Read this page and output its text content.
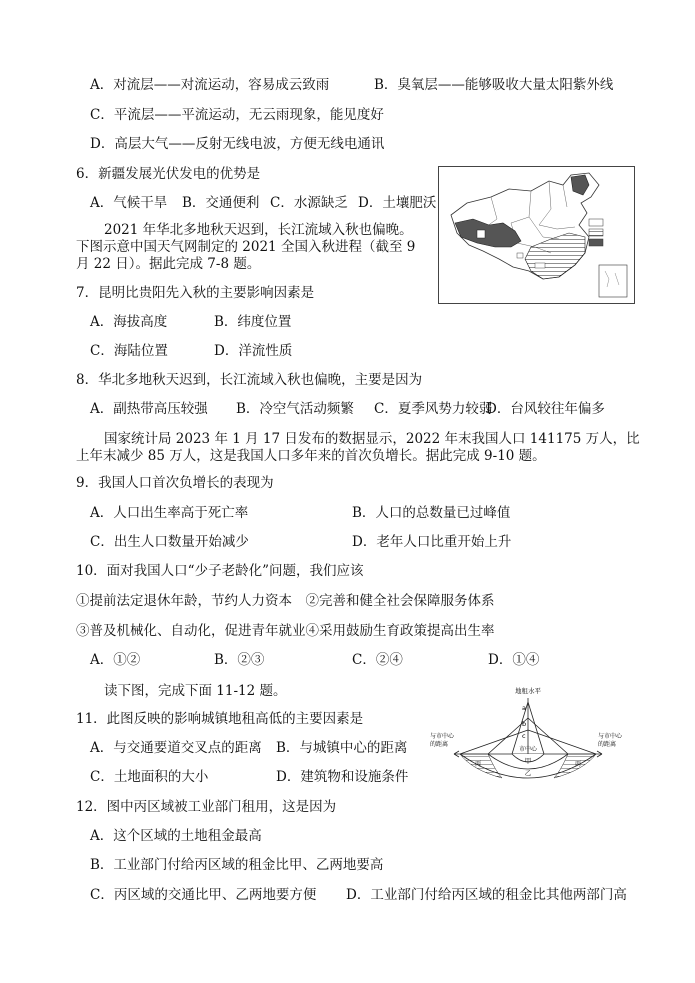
A．对流层——对流运动，容易成云致雨	B．臭氧层——能够吸收大量太阳紫外线
C．平流层——平流运动，无云雨现象，能见度好
D．高层大气——反射无线电波，方便无线电通讯
6．新疆发展光伏发电的优势是
A．气候干旱 B．交通便利 C．水源缺乏 D．土壤肥沃
2021 年华北多地秋天迟到，长江流域入秋也偏晚。
下图示意中国天气网制定的 2021 全国入秋进程（截至 9
月 22 日）。据此完成 7-8 题。
7．昆明比贵阳先入秋的主要影响因素是
A．海拔高度	B．纬度位置
C．海陆位置	D．洋流性质
8．华北多地秋天迟到，长江流域入秋也偏晚，主要是因为
A．副热带高压较强 B．冷空气活动频繁 C．夏季风势力较弱
D．台风较往年偏多
国家统计局 2023 年 1 月 17 日发布的数据显示，2022 年末我国人口 141175 万人，比
上年末减少 85 万人，这是我国人口多年来的首次负增长。据此完成 9-10 题。
9．我国人口首次负增长的表现为
A．人口出生率高于死亡率	B．人口的总数量已过峰值
C．出生人口数量开始减少	D．老年人口比重开始上升
10．面对我国人口“少子老龄化”问题，我们应该
①提前法定退休年龄，节约人力资本　②完善和健全社会保障服务体系
③普及机械化、自动化，促进青年就业④采用鼓励生育政策提高出生率
A．①②	B．②③	C．②④	D．①④
读下图，完成下面 11-12 题。
11．此图反映的影响城镇地租高低的主要因素是
A．与交通要道交叉点的距离 B．与城镇中心的距离
C．土地面积的大小	D．建筑物和设施条件
地租水平
a
b
c
与市中心
的距离
与市中心
的距离
市中心
甲
乙
丙	丙
12．图中丙区域被工业部门租用，这是因为
A．这个区域的土地租金最高
B．工业部门付给丙区域的租金比甲、乙两地要高
C．丙区域的交通比甲、乙两地要方便 D．工业部门付给丙区域的租金比其他两部门高
